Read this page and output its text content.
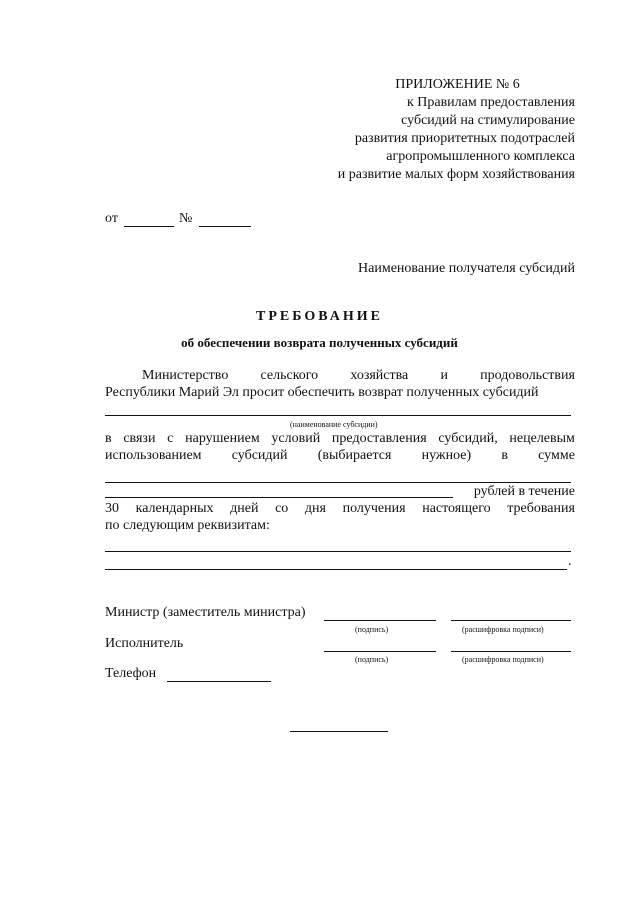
ПРИЛОЖЕНИЕ № 6
к Правилам предоставления
субсидий на стимулирование
развития приоритетных подотраслей
агропромышленного комплекса
и развитие малых форм хозяйствования
от	№
Наименование получателя субсидий
ТРЕБОВАНИЕ
об обеспечении возврата полученных субсидий
Министерство сельского хозяйства и продовольствия
Республики Марий Эл просит обеспечить возврат полученных субсидий
(наименование субсидии)
в связи с нарушением условий предоставления субсидий, нецелевым
использованием субсидий (выбирается нужное) в сумме
рублей в течение
30 календарных дней со дня получения настоящего требования
по следующим реквизитам:
.
Министр (заместитель министра)
(подпись)	(расшифровка подписи)
Исполнитель
(подпись)	(расшифровка подписи)
Телефон
